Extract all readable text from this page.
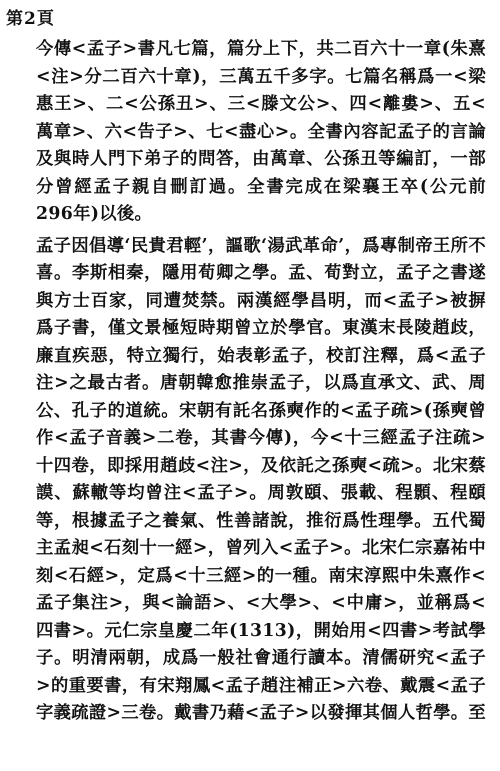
第2頁

今傳<孟子>書凡七篇，篇分上下，共二百六十一章(朱熹<注>分二百六十章)，三萬五千多字。七篇名稱爲一<梁惠王>、二<公孫丑>、三<滕文公>、四<離婁>、五<萬章>、六<告子>、七<盡心>。全書內容記孟子的言論及與時人門下弟子的問答，由萬章、公孫丑等編訂，一部分曾經孟子親自刪訂過。全書完成在梁襄王卒(公元前296年)以後。

孟子因倡導‘民貴君輕’，謳歌‘湯武革命’，爲專制帝王所不喜。李斯相秦，隱用荀卿之學。孟、荀對立，孟子之書遂與方士百家，同遭焚禁。兩漢經學昌明，而<孟子>被摒爲子書，僅文景極短時期曾立於學官。東漢末長陵趙歧，廉直疾惡，特立獨行，始表彰孟子，校訂注釋，爲<孟子注>之最古者。唐朝韓愈推崇孟子，以爲直承文、武、周公、孔子的道統。宋朝有託名孫奭作的<孟子疏>(孫奭曾作<孟子音義>二卷，其書今傳)，今<十三經孟子注疏>十四卷，即採用趙歧<注>，及依託之孫奭<疏>。北宋蔡謨、蘇轍等均曾注<孟子>。周敦頤、張載、程顥、程頤等，根據孟子之養氣、性善諸說，推衍爲性理學。五代蜀主孟昶<石刻十一經>，曾列入<孟子>。北宋仁宗嘉祐中刻<石經>，定爲<十三經>的一種。南宋淳熙中朱熹作<孟子集注>，與<論語>、<大學>、<中庸>，並稱爲<四書>。元仁宗皇慶二年(1313)，開始用<四書>考試學子。明清兩朝，成爲一般社會通行讀本。清儒研究<孟子>的重要書，有宋翔鳳<孟子趙注補正>六卷、戴震<孟子字義疏證>三卷。戴書乃藉<孟子>以發揮其個人哲學。至
